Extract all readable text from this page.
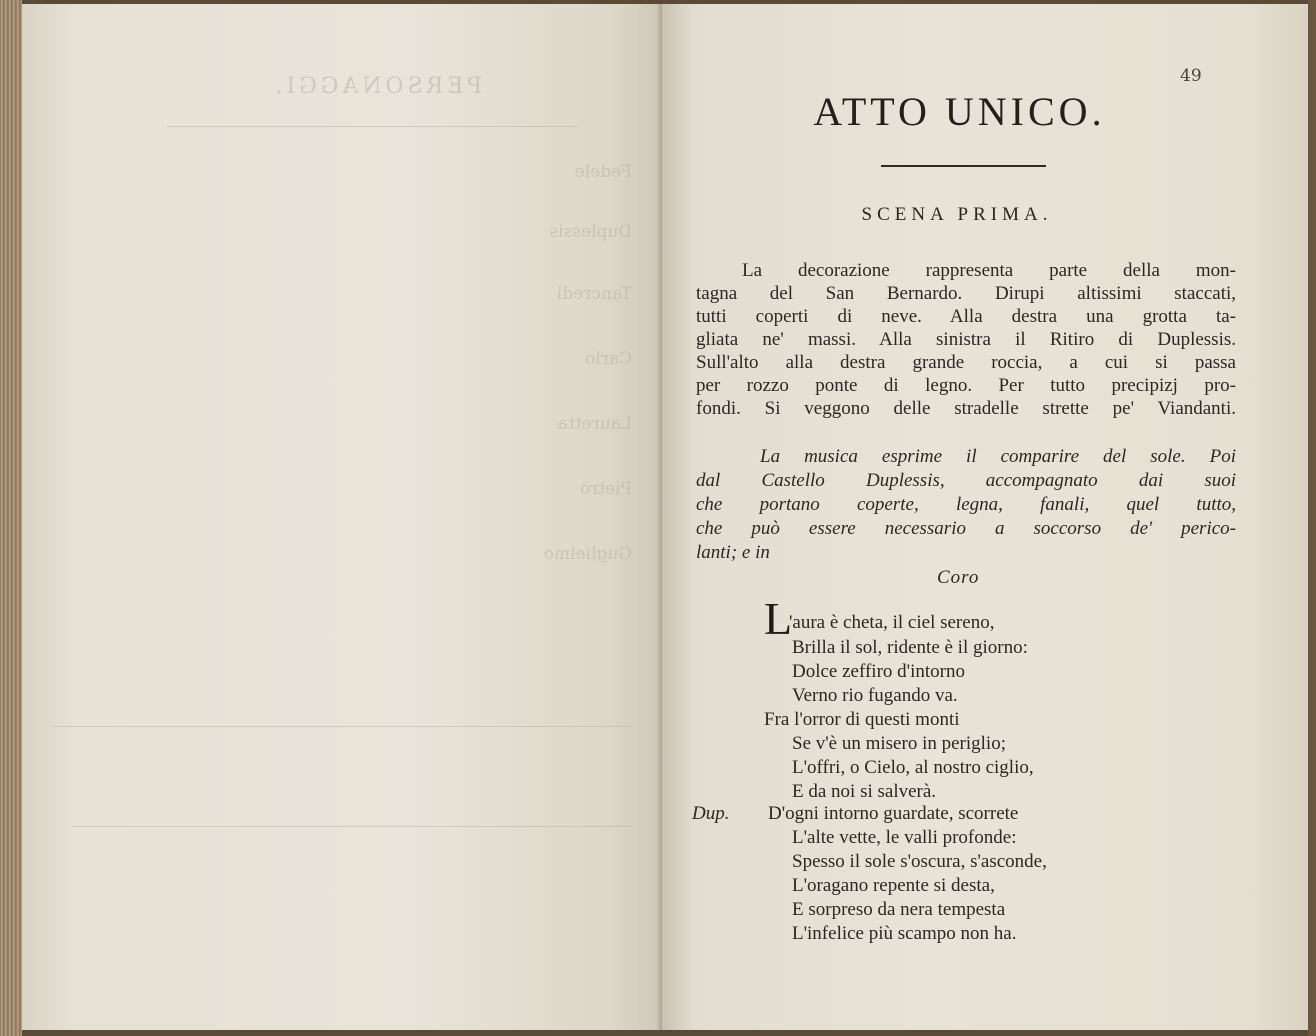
PERSONAGGI.
Fedele
Duplessis
Tancredi
Carlo
Lauretta
Pietro
Guglielmo
49
ATTO UNICO.
SCENA PRIMA.
La decorazione rappresenta parte della mon-
tagna del San Bernardo. Dirupi altissimi staccati,
tutti coperti di neve. Alla destra una grotta ta-
gliata ne' massi. Alla sinistra il Ritiro di Duplessis.
Sull'alto alla destra grande roccia, a cui si passa
per rozzo ponte di legno. Per tutto precipizj pro-
fondi. Si veggono delle stradelle strette pe' Viandanti.
La musica esprime il comparire del sole. Poi
dal Castello Duplessis, accompagnato dai suoi
che portano coperte, legna, fanali, quel tutto,
che può essere necessario a soccorso de' perico-
lanti; e in
Coro
L
'aura è cheta, il ciel sereno,
Brilla il sol, ridente è il giorno:
Dolce zeffiro d'intorno
Verno rio fugando va.
Fra l'orror di questi monti
Se v'è un misero in periglio;
L'offri, o Cielo, al nostro ciglio,
E da noi si salverà.
Dup. D'ogni intorno guardate, scorrete
L'alte vette, le valli profonde:
Spesso il sole s'oscura, s'asconde,
L'oragano repente si desta,
E sorpreso da nera tempesta
L'infelice più scampo non ha.
